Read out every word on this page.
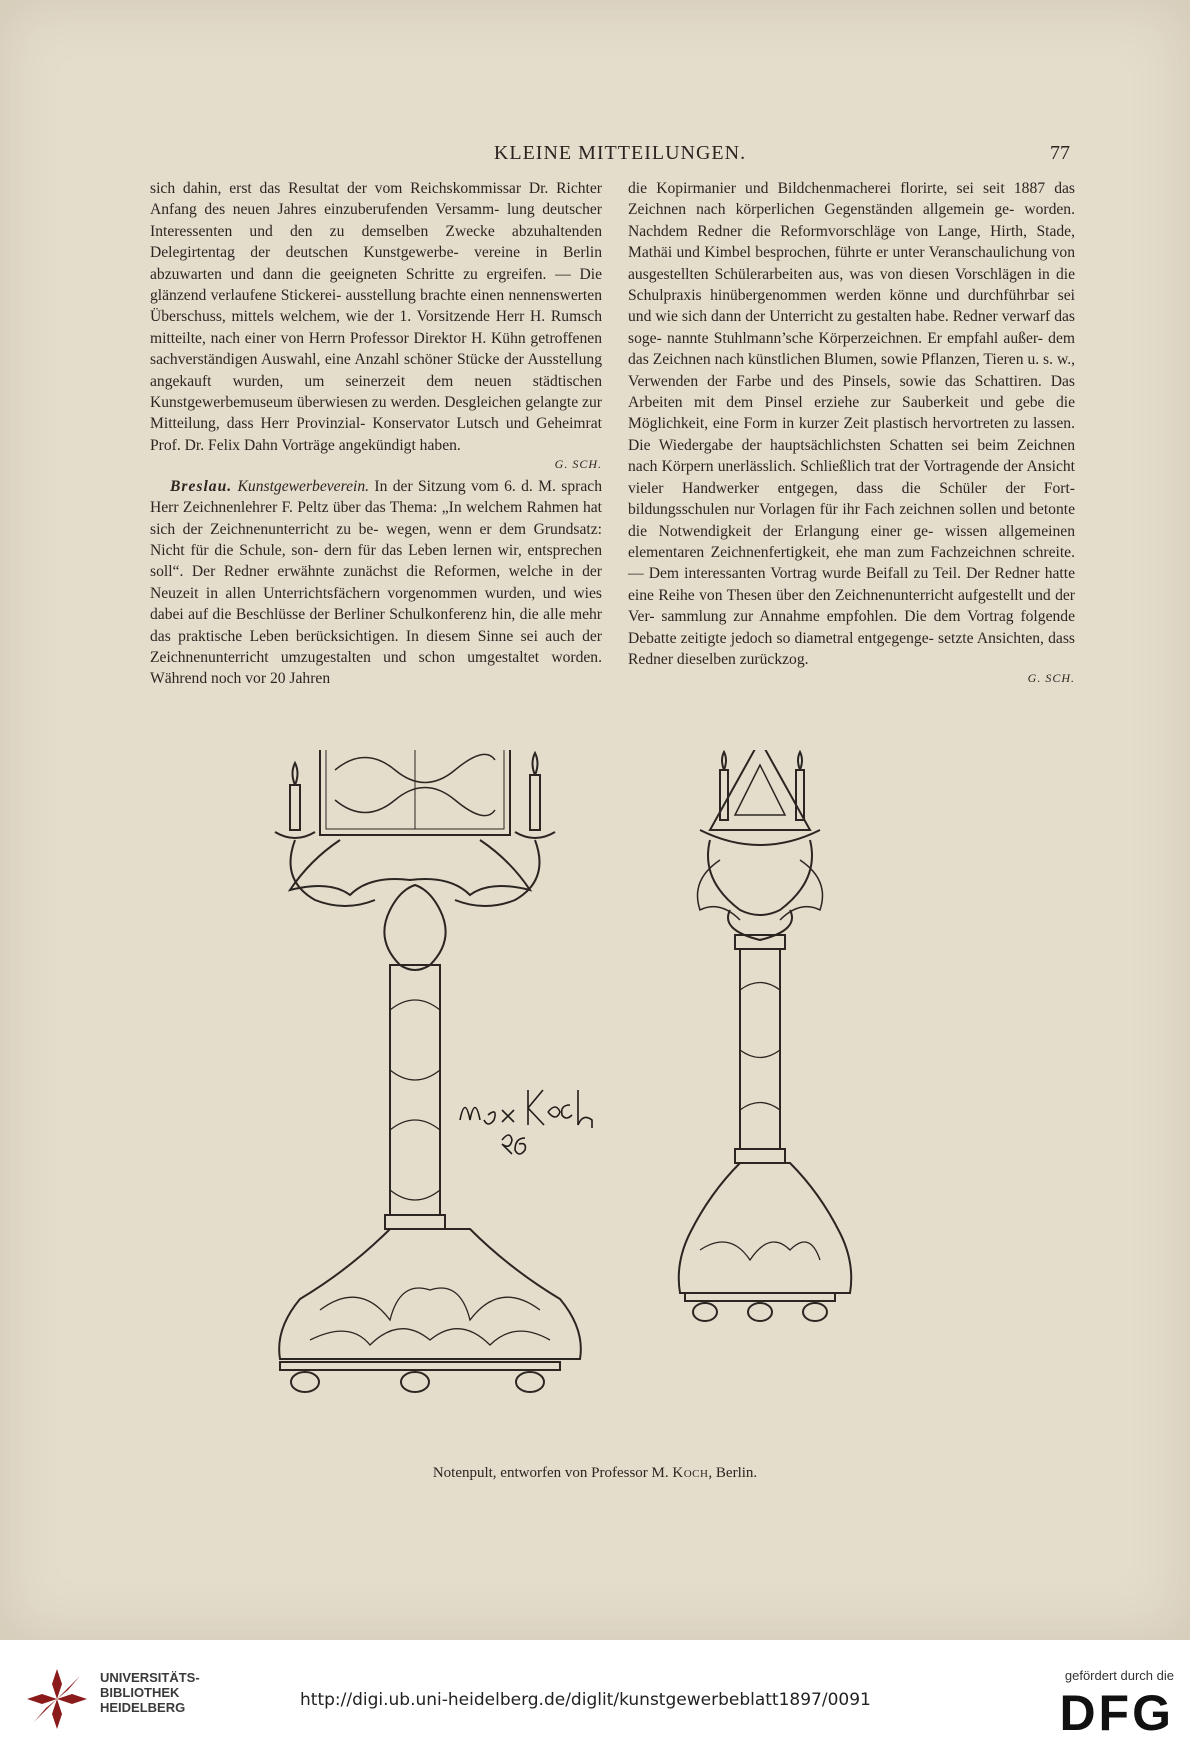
KLEINE MITTEILUNGEN.	77

sich dahin, erst das Resultat der vom Reichskommissar Dr. Richter Anfang des neuen Jahres einzuberufenden Versamm- lung deutscher Interessenten und den zu demselben Zwecke abzuhaltenden Delegirtentag der deutschen Kunstgewerbe- vereine in Berlin abzuwarten und dann die geeigneten Schritte zu ergreifen. — Die glänzend verlaufene Stickerei- ausstellung brachte einen nennenswerten Überschuss, mittels welchem, wie der 1. Vorsitzende Herr H. Rumsch mitteilte, nach einer von Herrn Professor Direktor H. Kühn getroffenen sachverständigen Auswahl, eine Anzahl schöner Stücke der Ausstellung angekauft wurden, um seinerzeit dem neuen städtischen Kunstgewerbemuseum überwiesen zu werden. Desgleichen gelangte zur Mitteilung, dass Herr Provinzial- Konservator Lutsch und Geheimrat Prof. Dr. Felix Dahn Vorträge angekündigt haben.

G. SCH.

Breslau. Kunstgewerbeverein. In der Sitzung vom 6. d. M. sprach Herr Zeichnenlehrer F. Peltz über das Thema: „In welchem Rahmen hat sich der Zeichnenunterricht zu be- wegen, wenn er dem Grundsatz: Nicht für die Schule, son- dern für das Leben lernen wir, entsprechen soll“. Der Redner erwähnte zunächst die Reformen, welche in der Neuzeit in allen Unterrichtsfächern vorgenommen wurden, und wies dabei auf die Beschlüsse der Berliner Schulkonferenz hin, die alle mehr das praktische Leben berücksichtigen. In diesem Sinne sei auch der Zeichnenunterricht umzugestalten und schon umgestaltet worden. Während noch vor 20 Jahren

die Kopirmanier und Bildchenmacherei florirte, sei seit 1887 das Zeichnen nach körperlichen Gegenständen allgemein ge- worden. Nachdem Redner die Reformvorschläge von Lange, Hirth, Stade, Mathäi und Kimbel besprochen, führte er unter Veranschaulichung von ausgestellten Schülerarbeiten aus, was von diesen Vorschlägen in die Schulpraxis hinübergenommen werden könne und durchführbar sei und wie sich dann der Unterricht zu gestalten habe. Redner verwarf das soge- nannte Stuhlmann’sche Körperzeichnen. Er empfahl außer- dem das Zeichnen nach künstlichen Blumen, sowie Pflanzen, Tieren u. s. w., Verwenden der Farbe und des Pinsels, sowie das Schattiren. Das Arbeiten mit dem Pinsel erziehe zur Sauberkeit und gebe die Möglichkeit, eine Form in kurzer Zeit plastisch hervortreten zu lassen. Die Wiedergabe der hauptsächlichsten Schatten sei beim Zeichnen nach Körpern unerlässlich. Schließlich trat der Vortragende der Ansicht vieler Handwerker entgegen, dass die Schüler der Fort- bildungsschulen nur Vorlagen für ihr Fach zeichnen sollen und betonte die Notwendigkeit der Erlangung einer ge- wissen allgemeinen elementaren Zeichnenfertigkeit, ehe man zum Fachzeichnen schreite. — Dem interessanten Vortrag wurde Beifall zu Teil. Der Redner hatte eine Reihe von Thesen über den Zeichnenunterricht aufgestellt und der Ver- sammlung zur Annahme empfohlen. Die dem Vortrag folgende Debatte zeitigte jedoch so diametral entgegenge- setzte Ansichten, dass Redner dieselben zurückzog.

G. SCH.
Notenpult, entworfen von Professor M. Koch, Berlin.
UNIVERSITÄTS-
BIBLIOTHEK
HEIDELBERG	http://digi.ub.uni-heidelberg.de/diglit/kunstgewerbeblatt1897/0091
gefördert durch die
DFG
